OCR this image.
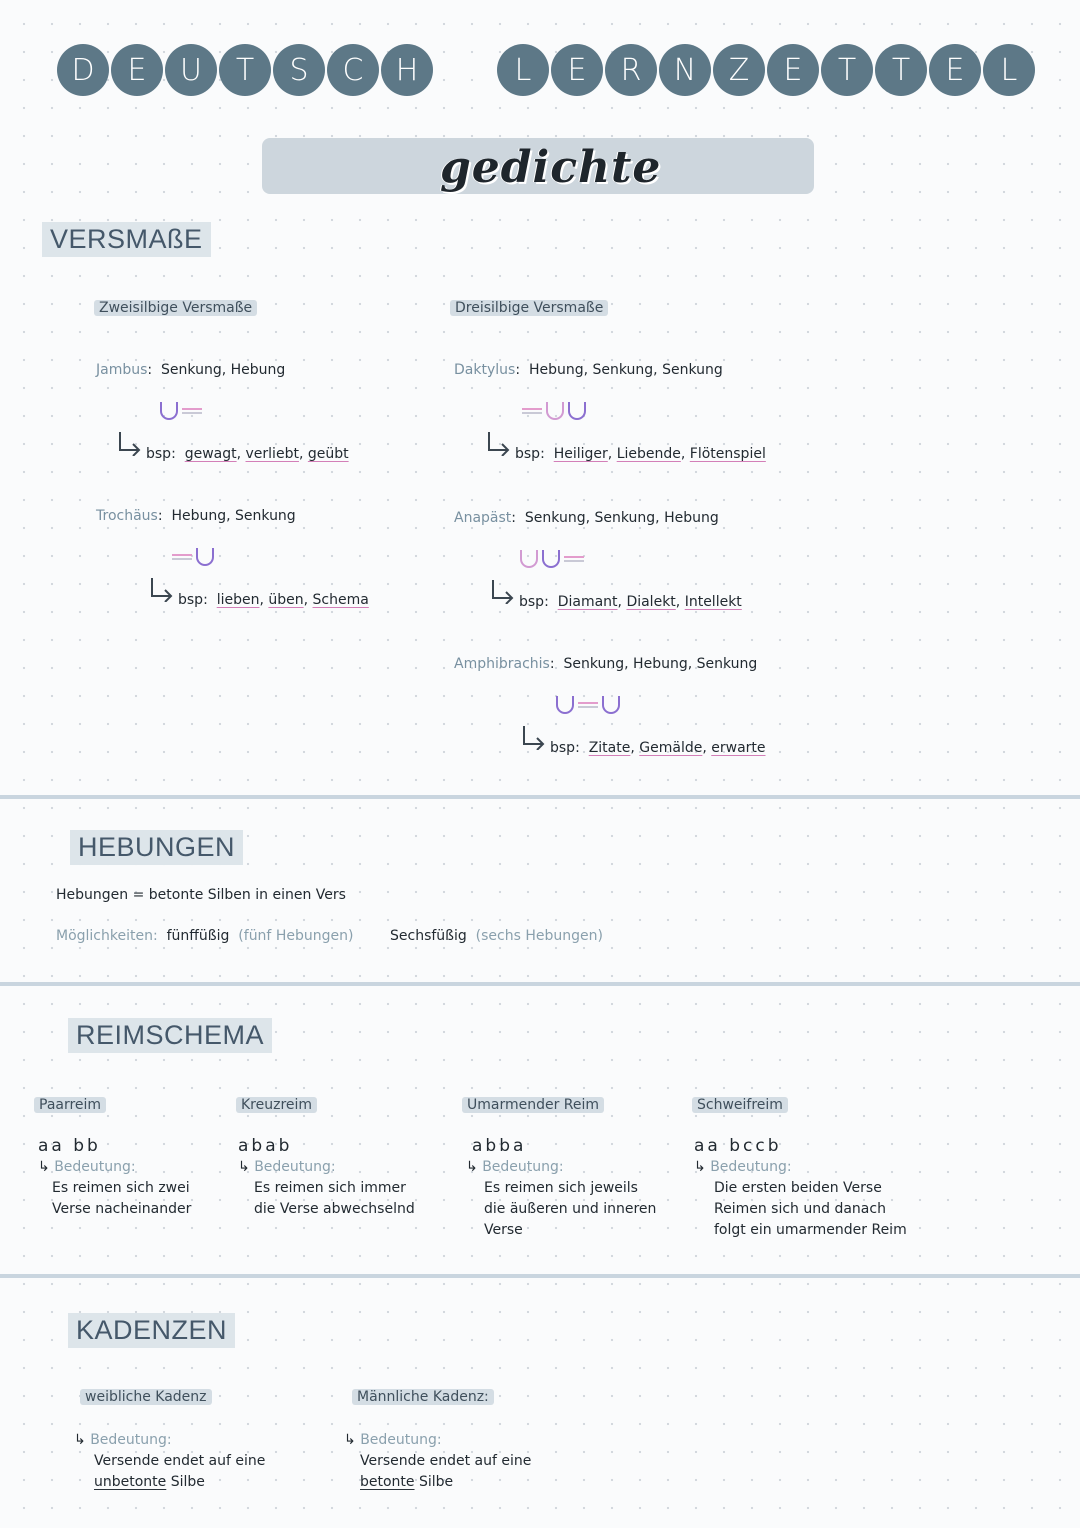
D	E	U	T	S	C	H	L	E	R	N	Z	E	T	T	E	L
gedichte
VERSMAßE
Zweisilbige Versmaße	Dreisilbige Versmaße
Jambus:  Senkung, Hebung
bsp: gewagt, verliebt, geübt
Trochäus:  Hebung, Senkung
bsp: lieben, üben, Schema
Daktylus:  Hebung, Senkung, Senkung
bsp: Heiliger, Liebende, Flötenspiel
Anapäst:  Senkung, Senkung, Hebung
bsp: Diamant, Dialekt, Intellekt
Amphibrachis:  Senkung, Hebung, Senkung
bsp: Zitate, Gemälde, erwarte
HEBUNGEN
Hebungen = betonte Silben in einen Vers
Möglichkeiten: fünffüßig (fünf Hebungen)	Sechsfüßig (sechs Hebungen)
REIMSCHEMA
Paarreim
aa bb
↳ Bedeutung:
Es reimen sich zwei
Verse nacheinander
Kreuzreim
abab
↳ Bedeutung:
Es reimen sich immer
die Verse abwechselnd
Umarmender Reim
abba
↳ Bedeutung:
Es reimen sich jeweils
die äußeren und inneren
Verse
Schweifreim
aa bccb
↳ Bedeutung:
Die ersten beiden Verse
Reimen sich und danach
folgt ein umarmender Reim
KADENZEN
weibliche Kadenz
↳ Bedeutung:
Versende endet auf eine
unbetonte Silbe
Männliche Kadenz:
↳ Bedeutung:
Versende endet auf eine
betonte Silbe
